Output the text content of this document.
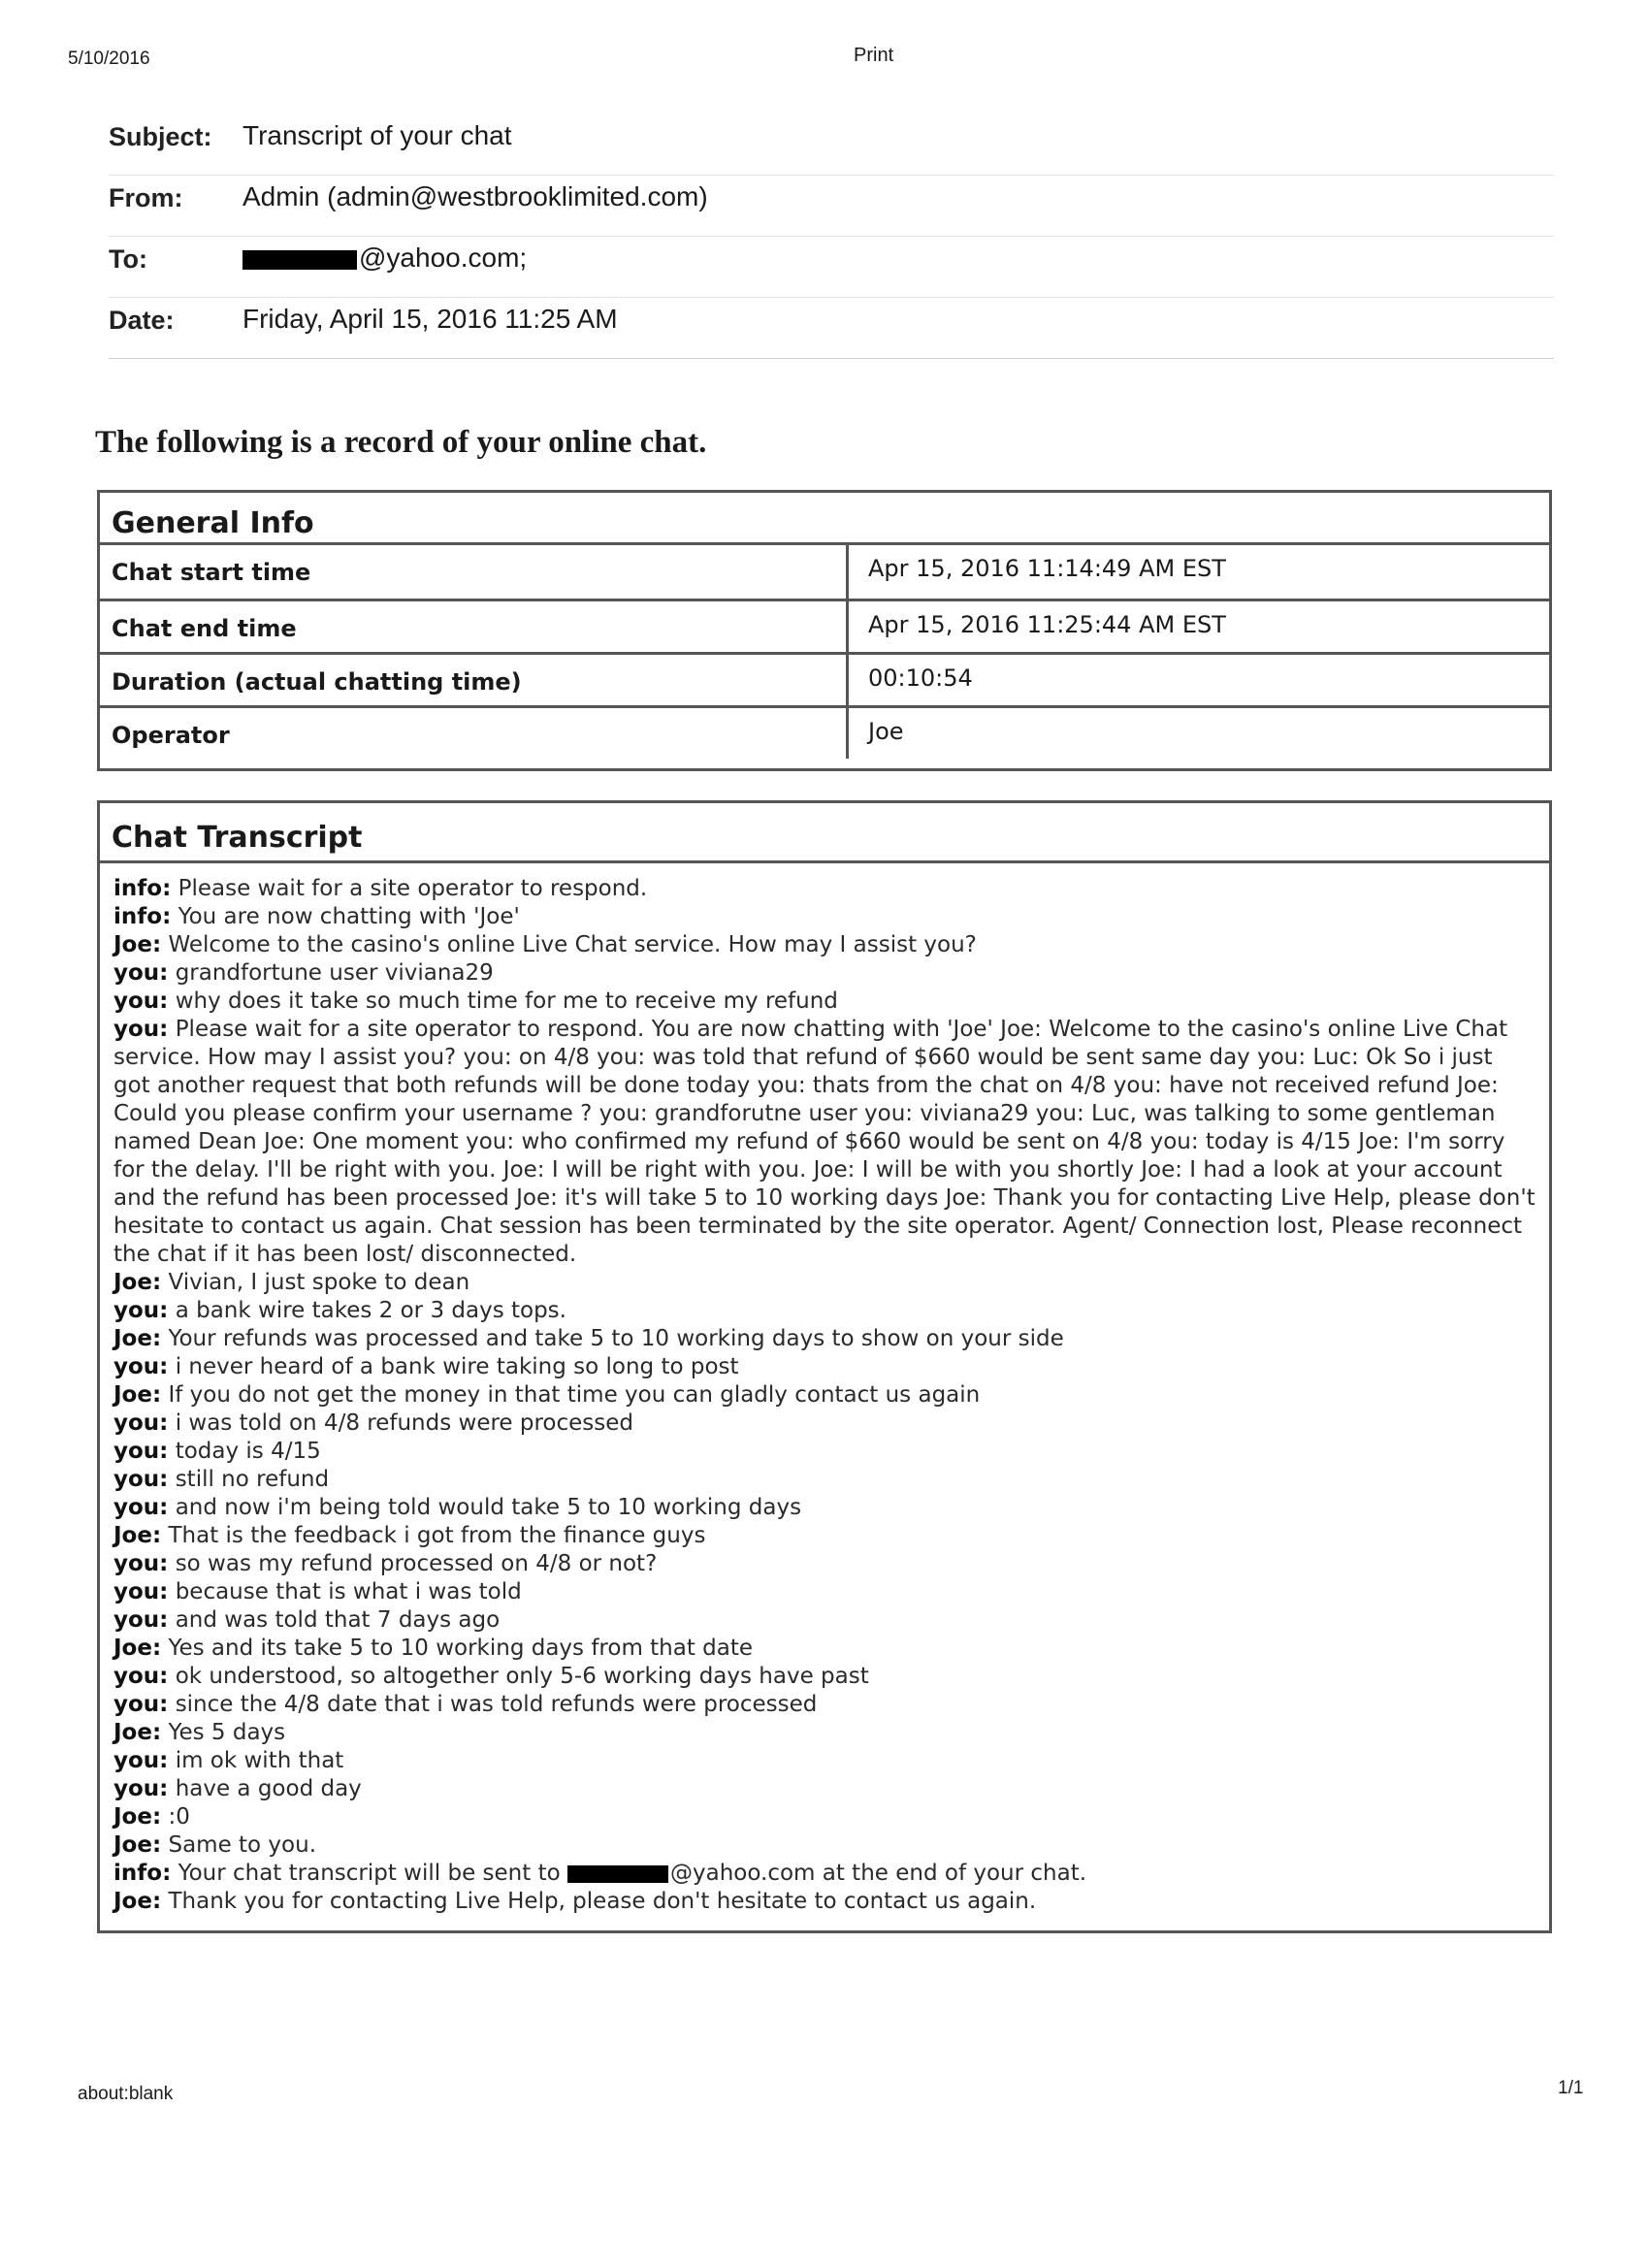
5/10/2016	Print
Subject: Transcript of your chat
From: Admin (admin@westbrooklimited.com)
To:	@yahoo.com;
Date:	Friday, April 15, 2016 11:25 AM
The following is a record of your online chat.
General Info
Chat start time	Apr 15, 2016 11:14:49 AM EST
Chat end time	Apr 15, 2016 11:25:44 AM EST
Duration (actual chatting time)	00:10:54
Operator	Joe
Chat Transcript
info: Please wait for a site operator to respond.
info: You are now chatting with 'Joe'
Joe: Welcome to the casino's online Live Chat service. How may I assist you?
you: grandfortune user viviana29
you: why does it take so much time for me to receive my refund
you: Please wait for a site operator to respond. You are now chatting with 'Joe' Joe: Welcome to the casino's online Live Chat service. How may I assist you? you: on 4/8 you: was told that refund of $660 would be sent same day you: Luc: Ok So i just got another request that both refunds will be done today you: thats from the chat on 4/8 you: have not received refund Joe: Could you please confirm your username ? you: grandforutne user you: viviana29 you: Luc, was talking to some gentleman named Dean Joe: One moment you: who confirmed my refund of $660 would be sent on 4/8 you: today is 4/15 Joe: I'm sorry for the delay. I'll be right with you. Joe: I will be right with you. Joe: I will be with you shortly Joe: I had a look at your account and the refund has been processed Joe: it's will take 5 to 10 working days Joe: Thank you for contacting Live Help, please don't hesitate to contact us again. Chat session has been terminated by the site operator. Agent/ Connection lost, Please reconnect the chat if it has been lost/ disconnected.
Joe: Vivian, I just spoke to dean
you: a bank wire takes 2 or 3 days tops.
Joe: Your refunds was processed and take 5 to 10 working days to show on your side
you: i never heard of a bank wire taking so long to post
Joe: If you do not get the money in that time you can gladly contact us again
you: i was told on 4/8 refunds were processed
you: today is 4/15
you: still no refund
you: and now i'm being told would take 5 to 10 working days
Joe: That is the feedback i got from the finance guys
you: so was my refund processed on 4/8 or not?
you: because that is what i was told
you: and was told that 7 days ago
Joe: Yes and its take 5 to 10 working days from that date
you: ok understood, so altogether only 5-6 working days have past
you: since the 4/8 date that i was told refunds were processed
Joe: Yes 5 days
you: im ok with that
you: have a good day
Joe: :0
Joe: Same to you.
info: Your chat transcript will be sent to	@yahoo.com at the end of your chat.
Joe: Thank you for contacting Live Help, please don't hesitate to contact us again.
about:blank	1/1
